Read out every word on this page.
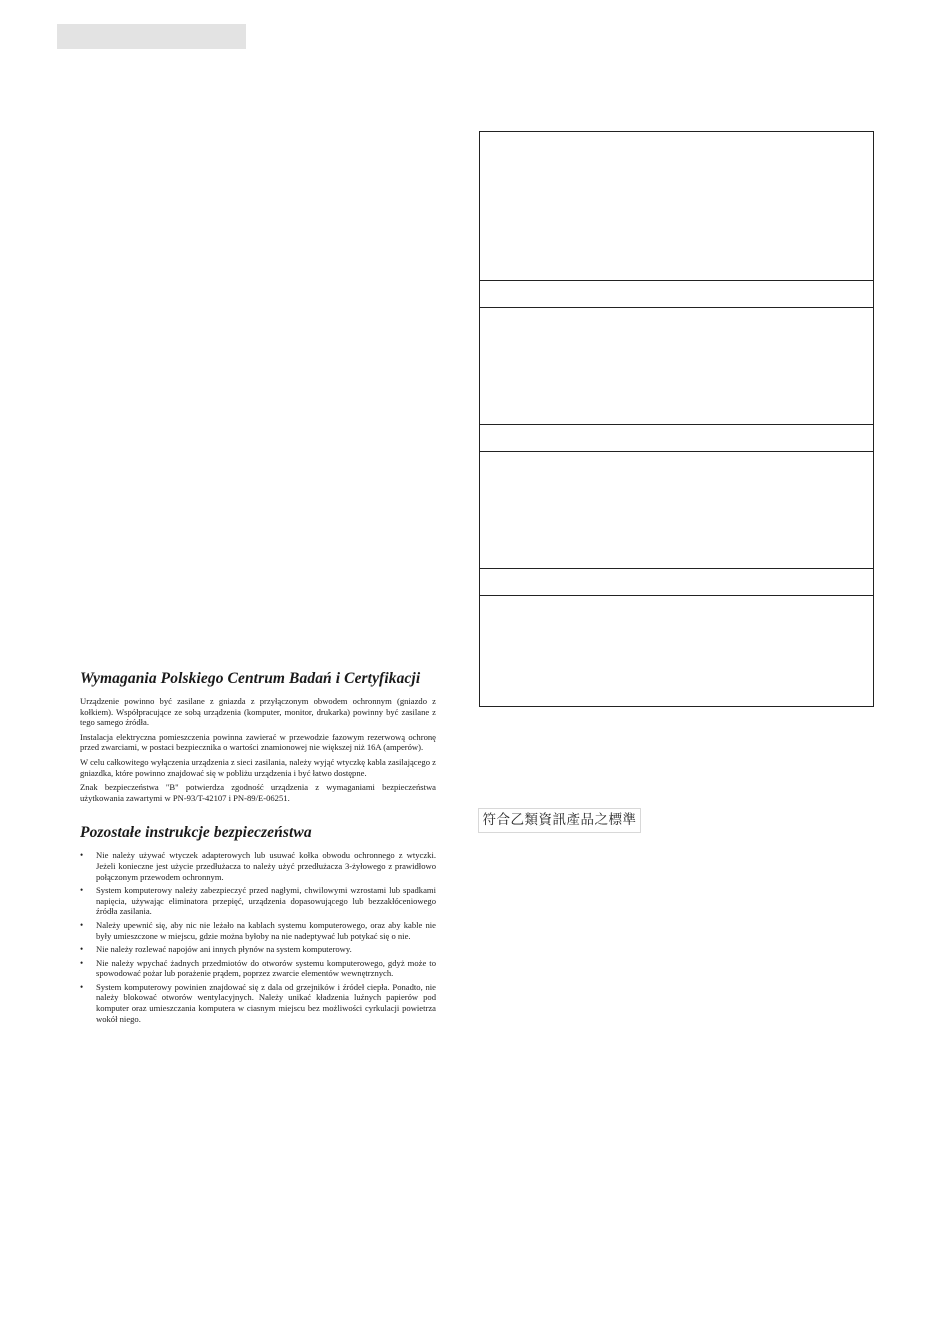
Wymagania Polskiego Centrum Badań i Certyfikacji

Urządzenie powinno być zasilane z gniazda z przyłączonym obwodem ochronnym (gniazdo z kołkiem). Współpracujące ze sobą urządzenia (komputer, monitor, drukarka) powinny być zasilane z tego samego źródła.

Instalacja elektryczna pomieszczenia powinna zawierać w przewodzie fazowym rezerwową ochronę przed zwarciami, w postaci bezpiecznika o wartości znamionowej nie większej niż 16A (amperów).

W celu całkowitego wyłączenia urządzenia z sieci zasilania, należy wyjąć wtyczkę kabla zasilającego z gniazdka, które powinno znajdować się w pobliżu urządzenia i być łatwo dostępne.

Znak bezpieczeństwa "B" potwierdza zgodność urządzenia z wymaganiami bezpieczeństwa użytkowania zawartymi w PN-93/T-42107 i PN-89/E-06251.

Pozostałe instrukcje bezpieczeństwa
• Nie należy używać wtyczek adapterowych lub usuwać kołka obwodu ochronnego z wtyczki. Jeżeli konieczne jest użycie przedłużacza to należy użyć przedłużacza 3-żyłowego z prawidłowo połączonym przewodem ochronnym.
• System komputerowy należy zabezpieczyć przed nagłymi, chwilowymi wzrostami lub spadkami napięcia, używając eliminatora przepięć, urządzenia dopasowującego lub bezzakłóceniowego źródła zasilania.
• Należy upewnić się, aby nic nie leżało na kablach systemu komputerowego, oraz aby kable nie były umieszczone w miejscu, gdzie można byłoby na nie nadeptywać lub potykać się o nie.
• Nie należy rozlewać napojów ani innych płynów na system komputerowy.
• Nie należy wpychać żadnych przedmiotów do otworów systemu komputerowego, gdyż może to spowodować pożar lub porażenie prądem, poprzez zwarcie elementów wewnętrznych.
• System komputerowy powinien znajdować się z dala od grzejników i źródeł ciepła. Ponadto, nie należy blokować otworów wentylacyjnych. Należy unikać kładzenia luźnych papierów pod komputer oraz umieszczania komputera w ciasnym miejscu bez możliwości cyrkulacji powietrza wokół niego.
符合乙類資訊產品之標準
